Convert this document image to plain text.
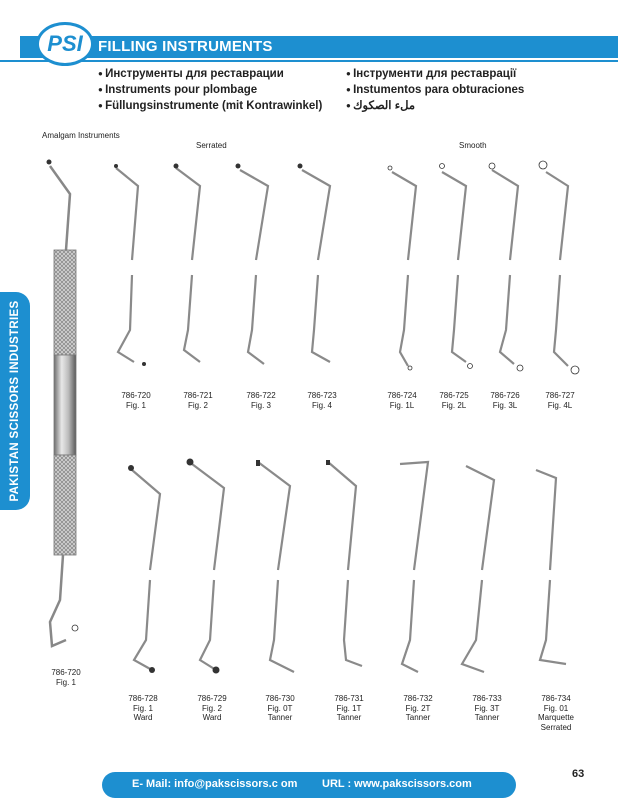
PSI	FILLING INSTRUMENTS
● Инструменты для реставрации
● Instruments pour plombage
● Füllungsinstrumente (mit Kontrawinkel)
● Інструменти для реставрації
● Instumentos para obturaciones
● ملء الصكوك
PAKISTAN SCISSORS INDUSTRIES
Amalgam Instruments
Serrated	Smooth
786-720
Fig. 1
786-720
Fig. 1
786-721
Fig. 2
786-722
Fig. 3
786-723
Fig. 4
786-724
Fig. 1L
786-725
Fig. 2L
786-726
Fig. 3L
786-727
Fig. 4L
786-728
Fig. 1
Ward
786-729
Fig. 2
Ward
786-730
Fig. 0T
Tanner
786-731
Fig. 1T
Tanner
786-732
Fig. 2T
Tanner
786-733
Fig. 3T
Tanner
786-734
Fig. 01
Marquette
Serrated
E- Mail: info@pakscissors.c om URL : www.pakscissors.com
63
